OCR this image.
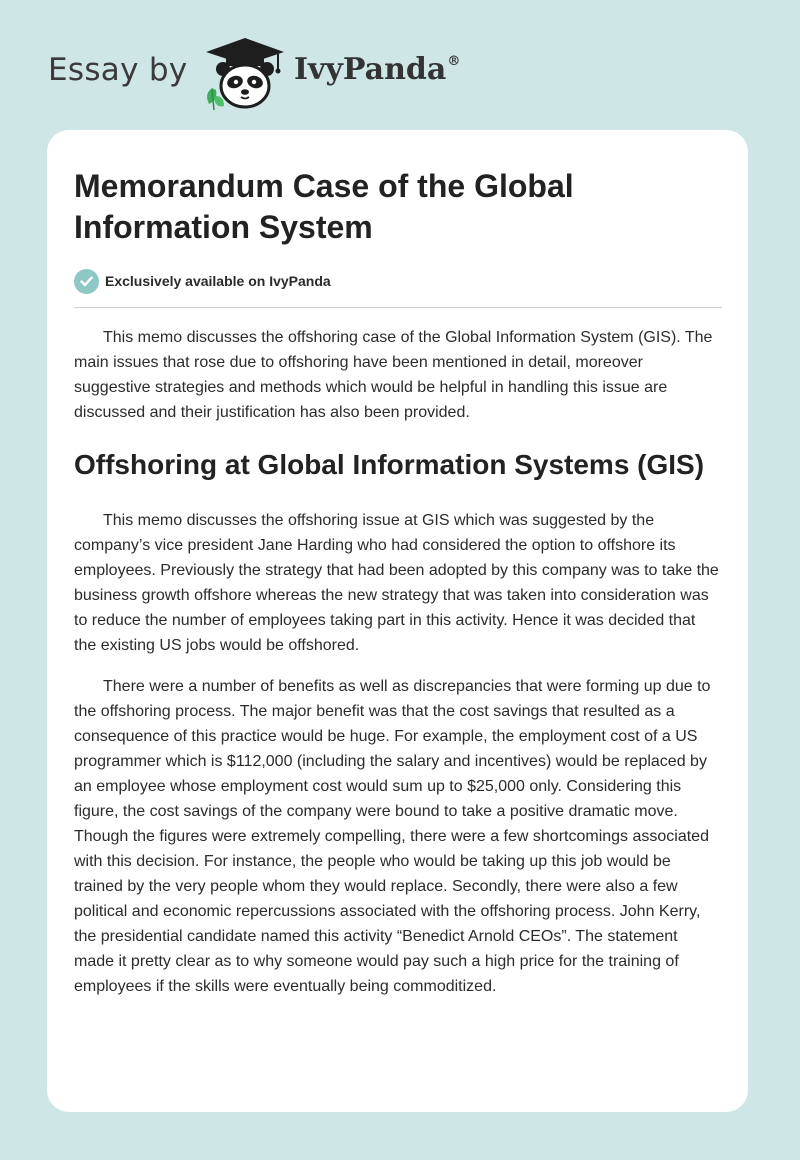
Essay by	IvyPanda®
Memorandum Case of the Global Information System
Exclusively available on IvyPanda

This memo discusses the offshoring case of the Global Information System (GIS). The main issues that rose due to offshoring have been mentioned in detail, moreover suggestive strategies and methods which would be helpful in handling this issue are discussed and their justification has also been provided.

Offshoring at Global Information Systems (GIS)

This memo discusses the offshoring issue at GIS which was suggested by the company’s vice president Jane Harding who had considered the option to offshore its employees. Previously the strategy that had been adopted by this company was to take the business growth offshore whereas the new strategy that was taken into consideration was to reduce the number of employees taking part in this activity. Hence it was decided that the existing US jobs would be offshored.

There were a number of benefits as well as discrepancies that were forming up due to the offshoring process. The major benefit was that the cost savings that resulted as a consequence of this practice would be huge. For example, the employment cost of a US programmer which is $112,000 (including the salary and incentives) would be replaced by an employee whose employment cost would sum up to $25,000 only. Considering this figure, the cost savings of the company were bound to take a positive dramatic move. Though the figures were extremely compelling, there were a few shortcomings associated with this decision. For instance, the people who would be taking up this job would be trained by the very people whom they would replace. Secondly, there were also a few political and economic repercussions associated with the offshoring process. John Kerry, the presidential candidate named this activity “Benedict Arnold CEOs”. The statement made it pretty clear as to why someone would pay such a high price for the training of employees if the skills were eventually being commoditized.
